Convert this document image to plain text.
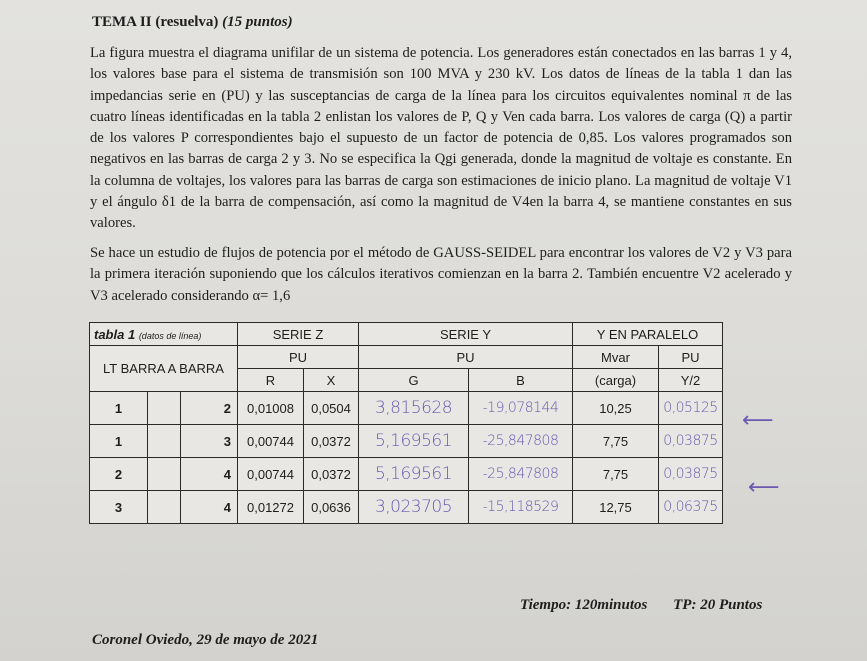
TEMA II (resuelva) (15 puntos)
La figura muestra el diagrama unifilar de un sistema de potencia. Los generadores están conectados en las barras 1 y 4, los valores base para el sistema de transmisión son 100 MVA y 230 kV. Los datos de líneas de la tabla 1 dan las impedancias serie en (PU) y las susceptancias de carga de la línea para los circuitos equivalentes nominal π de las cuatro líneas identificadas en la tabla 2 enlistan los valores de P, Q y Ven cada barra. Los valores de carga (Q) a partir de los valores P correspondientes bajo el supuesto de un factor de potencia de 0,85. Los valores programados son negativos en las barras de carga 2 y 3. No se especifica la Qgi generada, donde la magnitud de voltaje es constante. En la columna de voltajes, los valores para las barras de carga son estimaciones de inicio plano. La magnitud de voltaje V1 y el ángulo δ1 de la barra de compensación, así como la magnitud de V4en la barra 4, se mantiene constantes en sus valores.
Se hace un estudio de flujos de potencia por el método de GAUSS-SEIDEL para encontrar los valores de V2 y V3 para la primera iteración suponiendo que los cálculos iterativos comienzan en la barra 2. También encuentre V2 acelerado y V3 acelerado considerando α= 1,6
tabla 1 (datos de línea)			SERIE Z		SERIE Y		Y EN PARALELO	
LT BARRA A BARRA			PU		PU		Mvar	PU
			R	X	G	B	(carga)	Y/2
1		2	0,01008	0,0504	3,815628	-19,078144	10,25	0,05125
1		3	0,00744	0,0372	5,169561	-25,847808	7,75	0,03875
2		4	0,00744	0,0372	5,169561	-25,847808	7,75	0,03875
3		4	0,01272	0,0636	3,023705	-15,118529	12,75	0,06375
⟵
⟵
Tiempo: 120minutos TP: 20 Puntos
Coronel Oviedo, 29 de mayo de 2021
